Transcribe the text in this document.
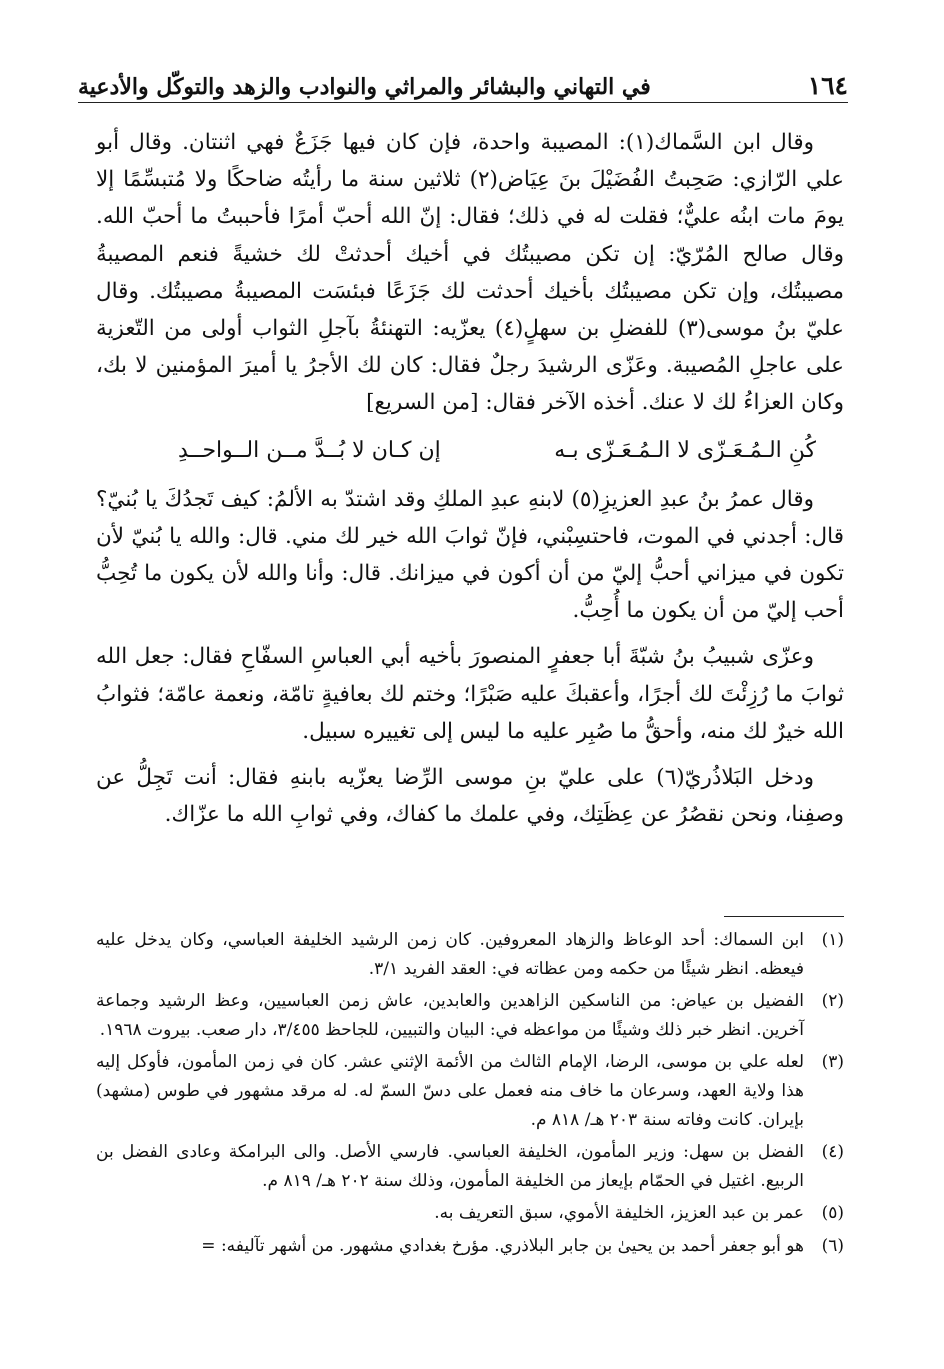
١٦٤
في التهاني والبشائر والمراثي والنوادب والزهد والتوكّل والأدعية

وقال ابن السَّماك(١): المصيبة واحدة، فإن كان فيها جَزَعٌ فهي اثنتان. وقال أبو علي الرّازي: صَحِبتُ الفُضَيْلَ بنَ عِيَاض(٢) ثلاثين سنة ما رأيتُه ضاحكًا ولا مُتبسِّمًا إلا يومَ مات ابنُه عليٌّ؛ فقلت له في ذلك؛ فقال: إنّ الله أحبّ أمرًا فأحببتُ ما أحبّ الله. وقال صالح المُرّيّ: إن تكن مصيبتُك في أخيك أحدثتْ لك خشيةً فنعم المصيبةُ مصيبتُك، وإن تكن مصيبتُك بأخيك أحدثت لك جَزَعًا فبئسَت المصيبةُ مصيبتُك. وقال عليّ بنُ موسى(٣) للفضلِ بن سهلٍ(٤) يعزّيه: التهنئةُ بآجلِ الثواب أولى من التّعزية على عاجلِ المُصيبة. وعَزّى الرشيدَ رجلٌ فقال: كان لك الأجرُ يا أميرَ المؤمنين لا بك، وكان العزاءُ لك لا عنك. أخذه الآخر فقال: [من السريع]

كُنِ الـمُـعَـزّى لا الـمُـعَـزّى بـه
إن كـان لا بُــدَّ مــن الــواحــدِ

وقال عمرُ بنُ عبدِ العزيزِ(٥) لابنهِ عبدِ الملكِ وقد اشتدّ به الألمُ: كيف تَجدُكَ يا بُنيّ؟ قال: أجدني في الموت، فاحتسِبْني، فإنّ ثوابَ الله خير لك مني. قال: والله يا بُنيّ لأن تكون في ميزاني أحبُّ إليّ من أن أكون في ميزانك. قال: وأنا والله لأن يكون ما تُحِبُّ أحب إليّ من أن يكون ما أُحِبُّ.

وعزّى شبيبُ بنُ شبّةَ أبا جعفرٍ المنصورَ بأخيه أبي العباسِ السفّاحِ فقال: جعل الله ثوابَ ما رُزِئْتَ لك أجرًا، وأعقبكَ عليه صَبْرًا؛ وختم لك بعافيةٍ تامّة، ونعمة عامّة؛ فثوابُ الله خيرٌ لك منه، وأحقُّ ما صُبِر عليه ما ليس إلى تغييره سبيل.

ودخل البَلاذُريّ(٦) على عليّ بنِ موسى الرِّضا يعزّيه بابنهِ فقال: أنت تَجِلُّ عن وصفِنا، ونحن نقصُرُ عن عِظَتِك، وفي علمك ما كفاك، وفي ثوابِ الله ما عزّاك.

(١)
ابن السماك: أحد الوعاظ والزهاد المعروفين. كان زمن الرشيد الخليفة العباسي، وكان يدخل عليه فيعظه. انظر شيئًا من حكمه ومن عظاته في: العقد الفريد ٣/١.
(٢)
الفضيل بن عياض: من الناسكين الزاهدين والعابدين، عاش زمن العباسيين، وعظ الرشيد وجماعة آخرين. انظر خبر ذلك وشيئًا من مواعظه في: البيان والتبيين، للجاحظ ٣/٤٥٥، دار صعب. بيروت ١٩٦٨.
(٣)
لعله علي بن موسى، الرضا، الإمام الثالث من الأئمة الإثني عشر. كان في زمن المأمون، فأوكل إليه هذا ولاية العهد، وسرعان ما خاف منه فعمل على دسّ السمّ له. له مرقد مشهور في طوس (مشهد) بإيران. كانت وفاته سنة ٢٠٣ هـ/ ٨١٨ م.
(٤)
الفضل بن سهل: وزير المأمون، الخليفة العباسي. فارسي الأصل. والى البرامكة وعادى الفضل بن الربيع. اغتيل في الحمّام بإيعاز من الخليفة المأمون، وذلك سنة ٢٠٢ هـ/ ٨١٩ م.
(٥)
عمر بن عبد العزيز، الخليفة الأموي، سبق التعريف به.
(٦)
هو أبو جعفر أحمد بن يحيىٰ بن جابر البلاذري. مؤرخ بغدادي مشهور. من أشهر تآليفه: =
